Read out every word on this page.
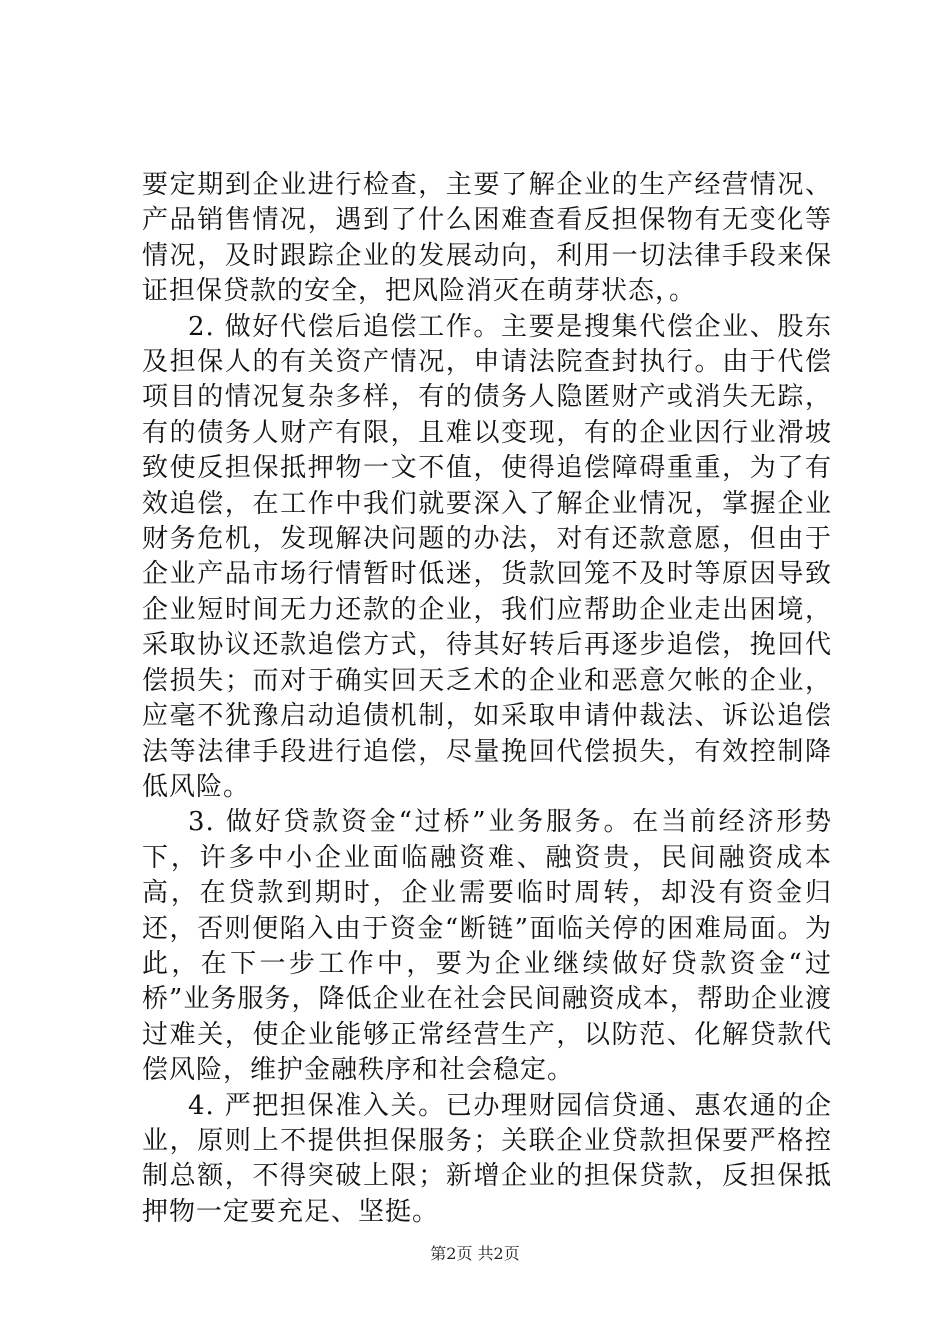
要定期到企业进行检查，主要了解企业的生产经营情况、产品销售情况，遇到了什么困难查看反担保物有无变化等情况，及时跟踪企业的发展动向，利用一切法律手段来保证担保贷款的安全，把风险消灭在萌芽状态，。

2. 做好代偿后追偿工作。主要是搜集代偿企业、股东及担保人的有关资产情况，申请法院查封执行。由于代偿项目的情况复杂多样，有的债务人隐匿财产或消失无踪，有的债务人财产有限，且难以变现，有的企业因行业滑坡致使反担保抵押物一文不值，使得追偿障碍重重，为了有效追偿，在工作中我们就要深入了解企业情况，掌握企业财务危机，发现解决问题的办法，对有还款意愿，但由于企业产品市场行情暂时低迷，货款回笼不及时等原因导致企业短时间无力还款的企业，我们应帮助企业走出困境，采取协议还款追偿方式，待其好转后再逐步追偿，挽回代偿损失；而对于确实回天乏术的企业和恶意欠帐的企业，应毫不犹豫启动追债机制，如采取申请仲裁法、诉讼追偿法等法律手段进行追偿，尽量挽回代偿损失，有效控制降低风险。

3. 做好贷款资金“过桥”业务服务。在当前经济形势下，许多中小企业面临融资难、融资贵，民间融资成本高，在贷款到期时，企业需要临时周转，却没有资金归还，否则便陷入由于资金“断链”面临关停的困难局面。为此，在下一步工作中，要为企业继续做好贷款资金“过桥”业务服务，降低企业在社会民间融资成本，帮助企业渡过难关，使企业能够正常经营生产，以防范、化解贷款代偿风险，维护金融秩序和社会稳定。

4. 严把担保准入关。已办理财园信贷通、惠农通的企业，原则上不提供担保服务；关联企业贷款担保要严格控制总额，不得突破上限；新增企业的担保贷款，反担保抵押物一定要充足、坚挺。

第2页 共2页
